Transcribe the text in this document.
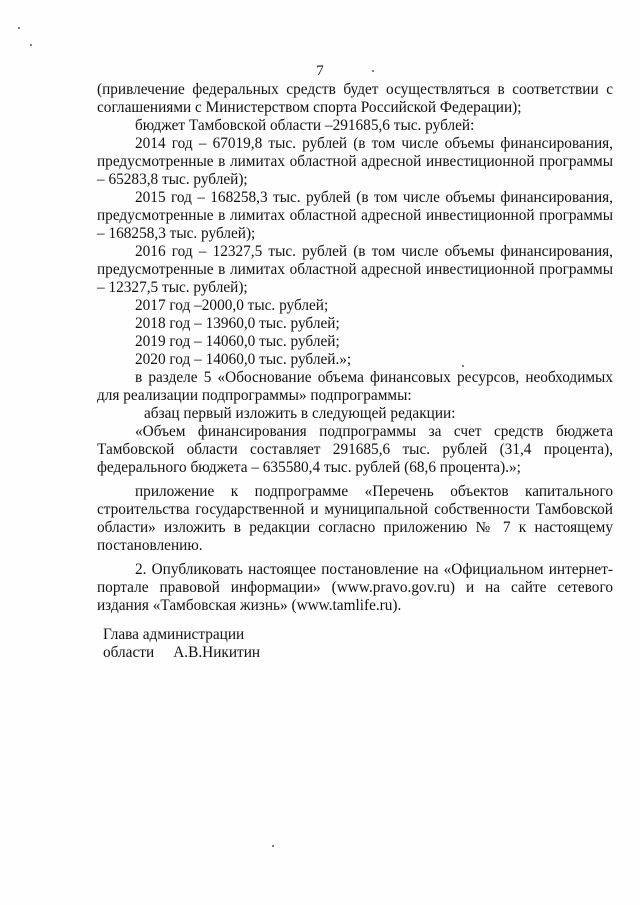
7

(привлечение федеральных средств будет осуществляться в соответствии с соглашениями с Министерством спорта Российской Федерации);

бюджет Тамбовской области –291685,6 тыс. рублей:

2014 год – 67019,8 тыс. рублей (в том числе объемы финансирования, предусмотренные в лимитах областной адресной инвестиционной программы – 65283,8 тыс. рублей);

2015 год – 168258,3 тыс. рублей (в том числе объемы финансирования, предусмотренные в лимитах областной адресной инвестиционной программы – 168258,3 тыс. рублей);

2016 год – 12327,5 тыс. рублей (в том числе объемы финансирования, предусмотренные в лимитах областной адресной инвестиционной программы – 12327,5 тыс. рублей);

2017 год –2000,0 тыс. рублей;

2018 год – 13960,0 тыс. рублей;

2019 год – 14060,0 тыс. рублей;

2020 год – 14060,0 тыс. рублей.»;

в разделе 5 «Обоснование объема финансовых ресурсов, необходимых для реализации подпрограммы» подпрограммы:

абзац первый изложить в следующей редакции:

«Объем финансирования подпрограммы за счет средств бюджета Тамбовской области составляет 291685,6 тыс. рублей (31,4 процента), федерального бюджета – 635580,4 тыс. рублей (68,6 процента).»;

приложение к подпрограмме «Перечень объектов капитального строительства государственной и муниципальной собственности Тамбовской области» изложить в редакции согласно приложению № 7 к настоящему постановлению.

2. Опубликовать настоящее постановление на «Официальном интернет-портале правовой информации» (www.pravo.gov.ru) и на сайте сетевого издания «Тамбовская жизнь» (www.tamlife.ru).

Глава администрации
области     А.В.Никитин
